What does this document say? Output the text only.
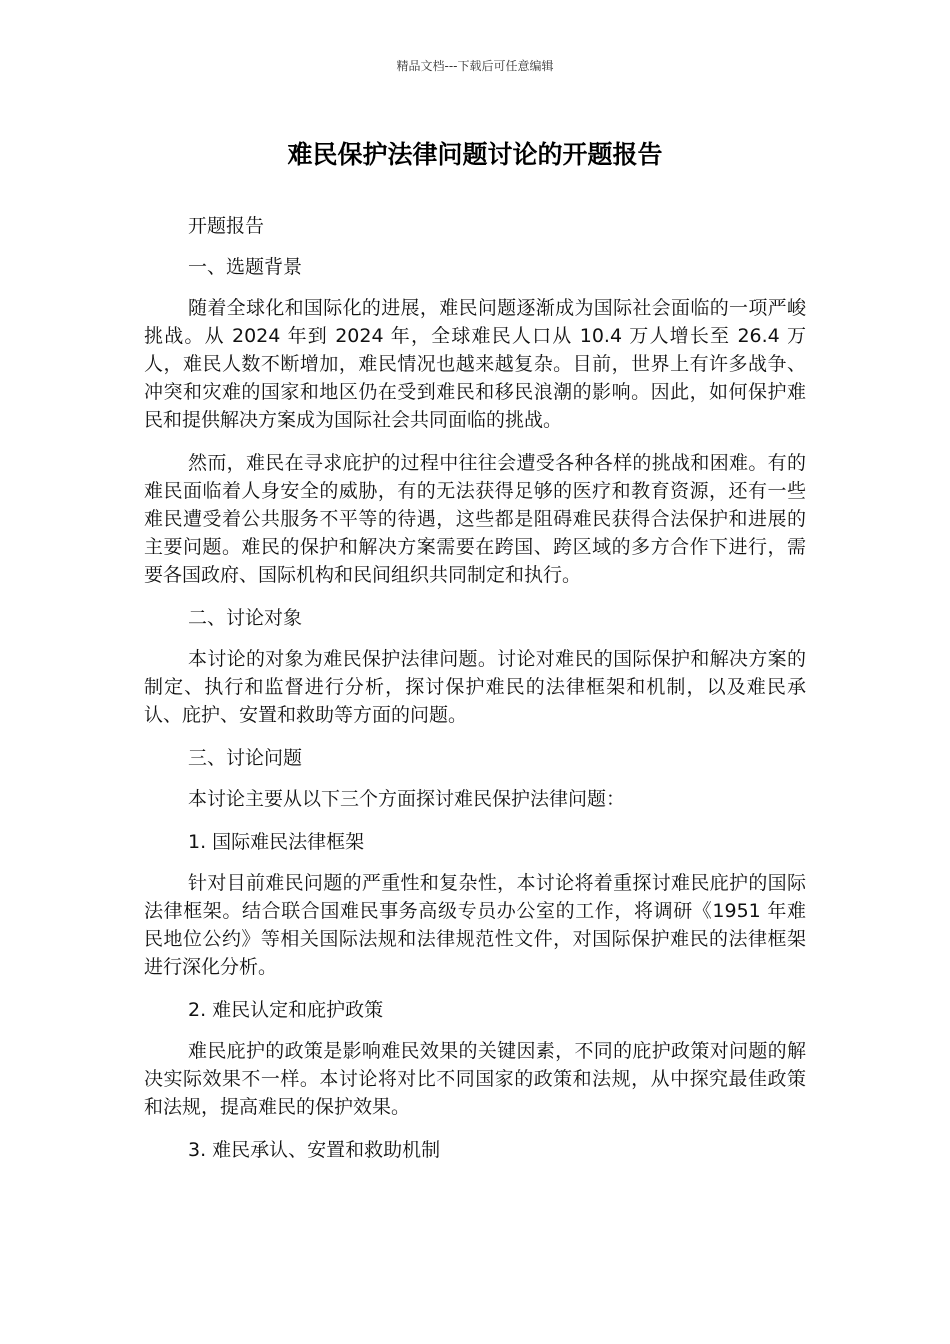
精品文档---下载后可任意编辑
难民保护法律问题讨论的开题报告

开题报告

一、选题背景

随着全球化和国际化的进展，难民问题逐渐成为国际社会面临的一项严峻挑战。从 2024 年到 2024 年，全球难民人口从 10.4 万人增长至 26.4 万人，难民人数不断增加，难民情况也越来越复杂。目前，世界上有许多战争、冲突和灾难的国家和地区仍在受到难民和移民浪潮的影响。因此，如何保护难民和提供解决方案成为国际社会共同面临的挑战。

然而，难民在寻求庇护的过程中往往会遭受各种各样的挑战和困难。有的难民面临着人身安全的威胁，有的无法获得足够的医疗和教育资源，还有一些难民遭受着公共服务不平等的待遇，这些都是阻碍难民获得合法保护和进展的主要问题。难民的保护和解决方案需要在跨国、跨区域的多方合作下进行，需要各国政府、国际机构和民间组织共同制定和执行。

二、讨论对象

本讨论的对象为难民保护法律问题。讨论对难民的国际保护和解决方案的制定、执行和监督进行分析，探讨保护难民的法律框架和机制，以及难民承认、庇护、安置和救助等方面的问题。

三、讨论问题

本讨论主要从以下三个方面探讨难民保护法律问题：

1. 国际难民法律框架

针对目前难民问题的严重性和复杂性，本讨论将着重探讨难民庇护的国际法律框架。结合联合国难民事务高级专员办公室的工作，将调研《1951 年难民地位公约》等相关国际法规和法律规范性文件，对国际保护难民的法律框架进行深化分析。

2. 难民认定和庇护政策

难民庇护的政策是影响难民效果的关键因素，不同的庇护政策对问题的解决实际效果不一样。本讨论将对比不同国家的政策和法规，从中探究最佳政策和法规，提高难民的保护效果。

3. 难民承认、安置和救助机制
